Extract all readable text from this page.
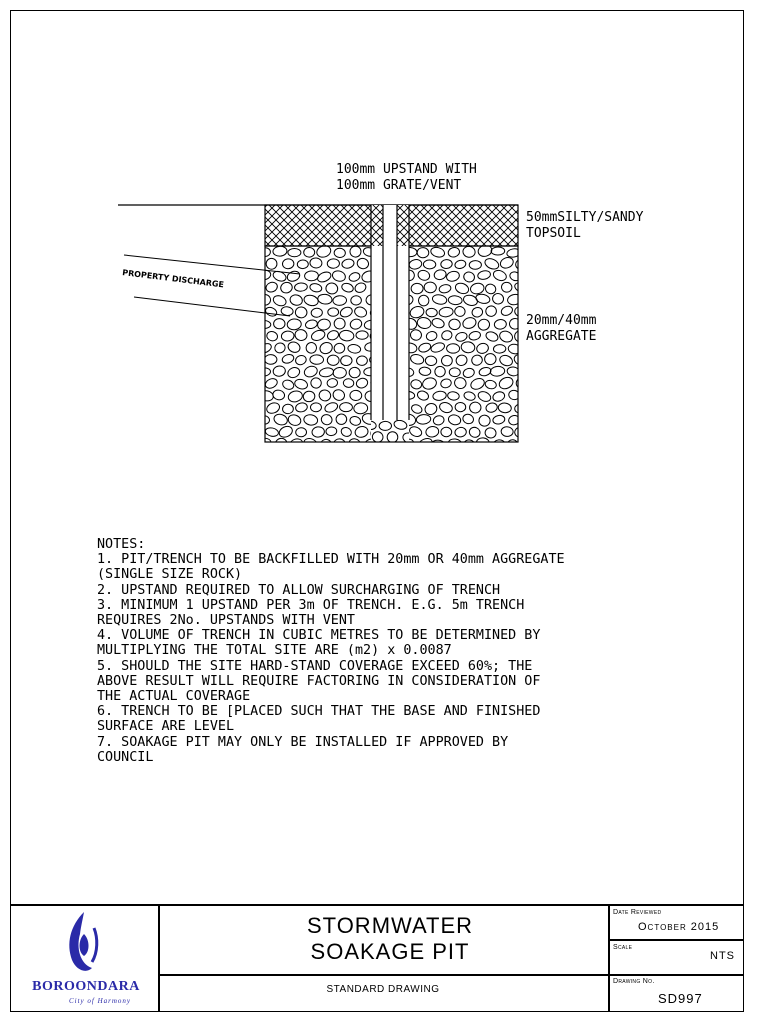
100mm UPSTAND WITH
100mm GRATE/VENT
50mmSILTY/SANDY
TOPSOIL
20mm/40mm
AGGREGATE
PROPERTY DISCHARGE
NOTES:
1. PIT/TRENCH TO BE BACKFILLED WITH 20mm OR 40mm AGGREGATE
(SINGLE SIZE ROCK)
2. UPSTAND REQUIRED TO ALLOW SURCHARGING OF TRENCH
3. MINIMUM 1 UPSTAND PER 3m OF TRENCH. E.G. 5m TRENCH
REQUIRES 2No. UPSTANDS WITH VENT
4. VOLUME OF TRENCH IN CUBIC METRES TO BE DETERMINED BY
MULTIPLYING THE TOTAL SITE ARE (m2) x 0.0087
5. SHOULD THE SITE HARD-STAND COVERAGE EXCEED 60%; THE
ABOVE RESULT WILL REQUIRE FACTORING IN CONSIDERATION OF
THE ACTUAL COVERAGE
6. TRENCH TO BE [PLACED SUCH THAT THE BASE AND FINISHED
SURFACE ARE LEVEL
7. SOAKAGE PIT MAY ONLY BE INSTALLED IF APPROVED BY
COUNCIL
BOROONDARA
City of Harmony
STORMWATER
SOAKAGE PIT
STANDARD DRAWING
Date Reviewed
October 2015
Scale
NTS
Drawing No.
SD997
